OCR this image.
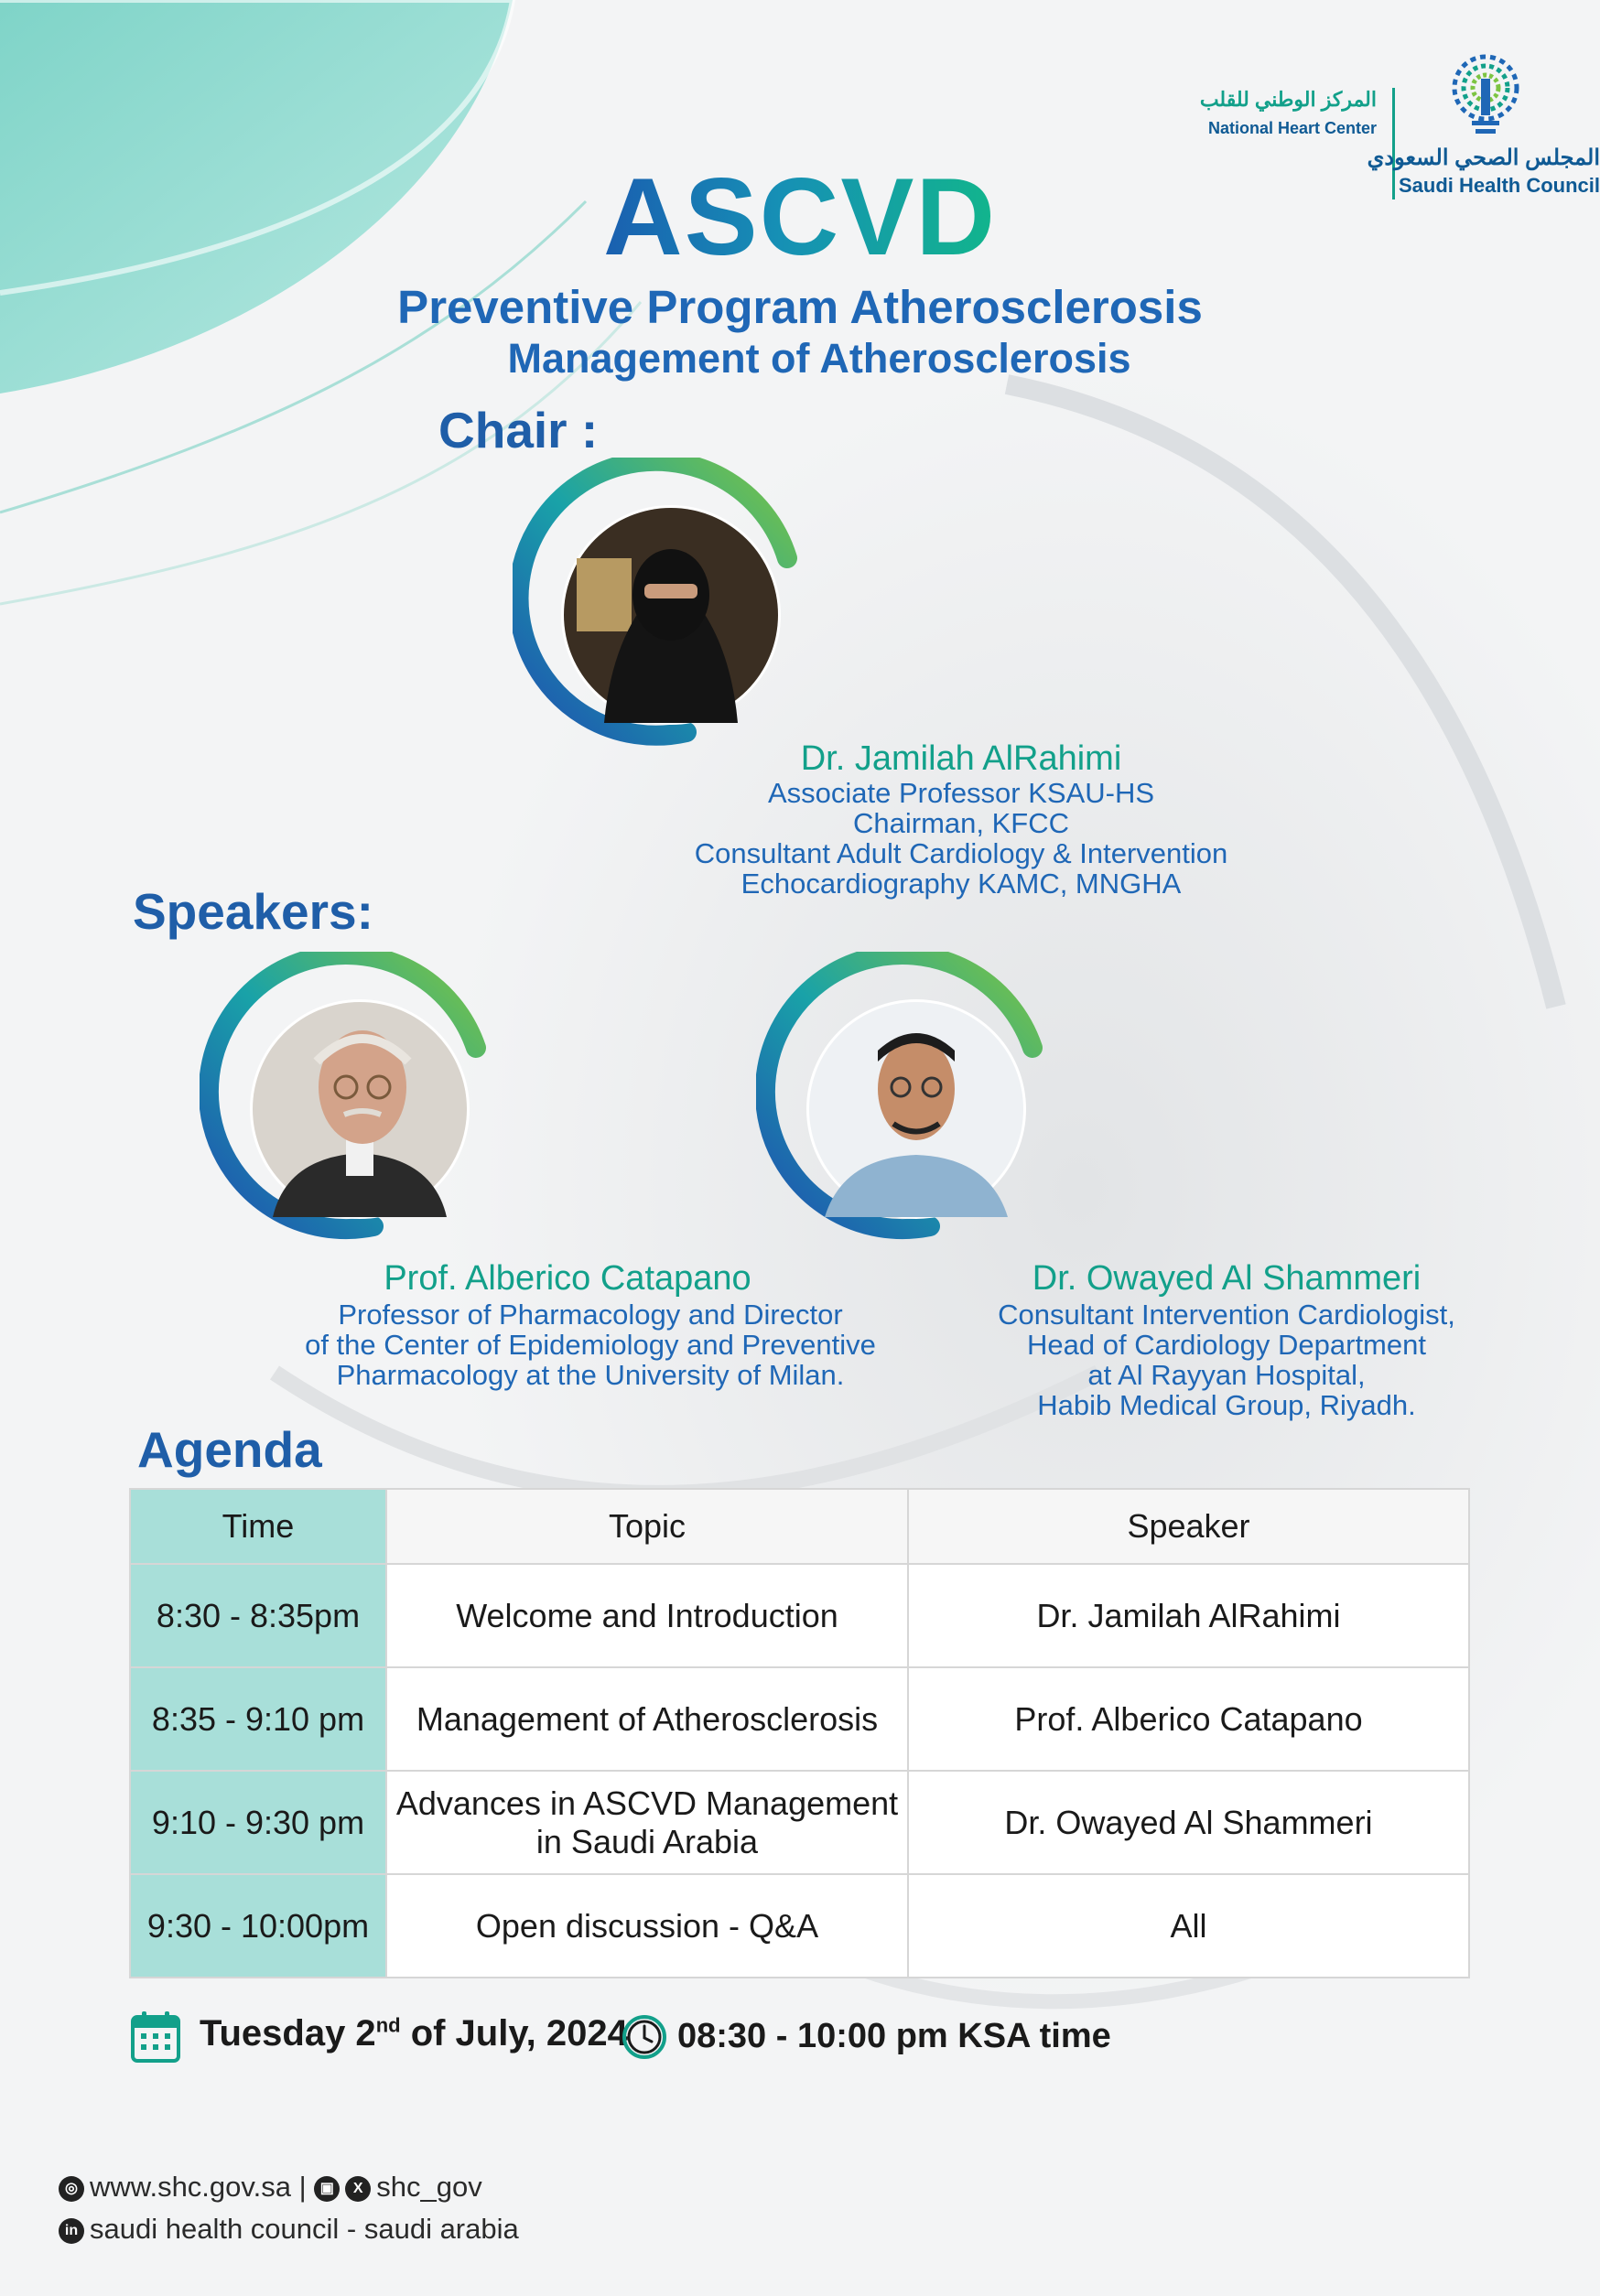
المركز الوطني للقلب
National Heart Center
المجلس الصحي السعودي
Saudi Health Council
ASCVD
Preventive Program Atherosclerosis
Management of Atherosclerosis
Chair :
Dr. Jamilah AlRahimi
Associate Professor KSAU-HS
Chairman, KFCC
Consultant Adult Cardiology & Intervention
Echocardiography KAMC, MNGHA
Speakers:
Prof. Alberico Catapano
Professor of Pharmacology and Director
of the Center of Epidemiology and Preventive
Pharmacology at the University of Milan.
Dr. Owayed Al Shammeri
Consultant Intervention Cardiologist,
Head of Cardiology Department
at Al Rayyan Hospital,
Habib Medical Group, Riyadh.
Agenda
Time	Topic	Speaker
8:30 - 8:35pm	Welcome and Introduction	Dr. Jamilah AlRahimi
8:35 - 9:10 pm	Management of Atherosclerosis	Prof. Alberico Catapano
9:10 - 9:30 pm	Advances in ASCVD Management in Saudi Arabia	Dr. Owayed Al Shammeri
9:30 - 10:00pm	Open discussion - Q&A	All
Tuesday 2nd of July, 2024 08:30 - 10:00 pm KSA time
◎ www.shc.gov.sa | ▣ X shc_gov
in saudi health council - saudi arabia
